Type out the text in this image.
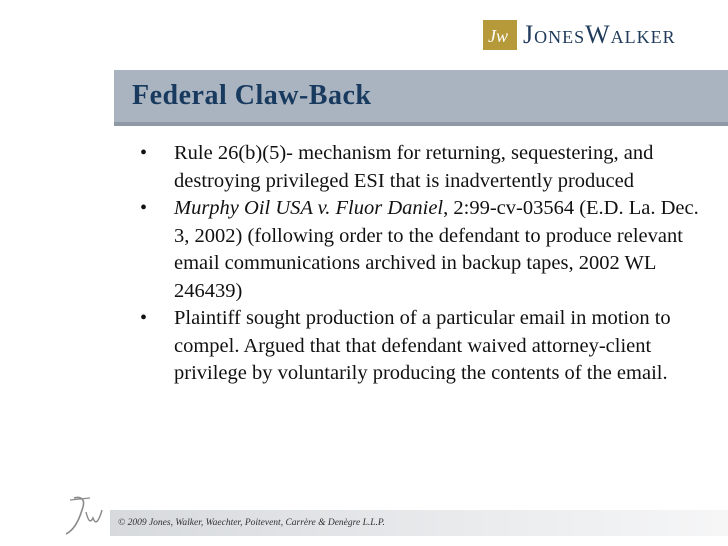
Jw JonesWalker
Federal Claw-Back
•	Rule 26(b)(5)- mechanism for returning, sequestering, and destroying privileged ESI that is inadvertently produced
•	Murphy Oil USA v. Fluor Daniel, 2:99-cv-03564 (E.D. La. Dec. 3, 2002) (following order to the defendant to produce relevant email communications archived in backup tapes, 2002 WL 246439)
•	Plaintiff sought production of a particular email in motion to compel. Argued that that defendant waived attorney-client privilege by voluntarily producing the contents of the email.
© 2009 Jones, Walker, Waechter, Poitevent, Carrère & Denègre L.L.P.
